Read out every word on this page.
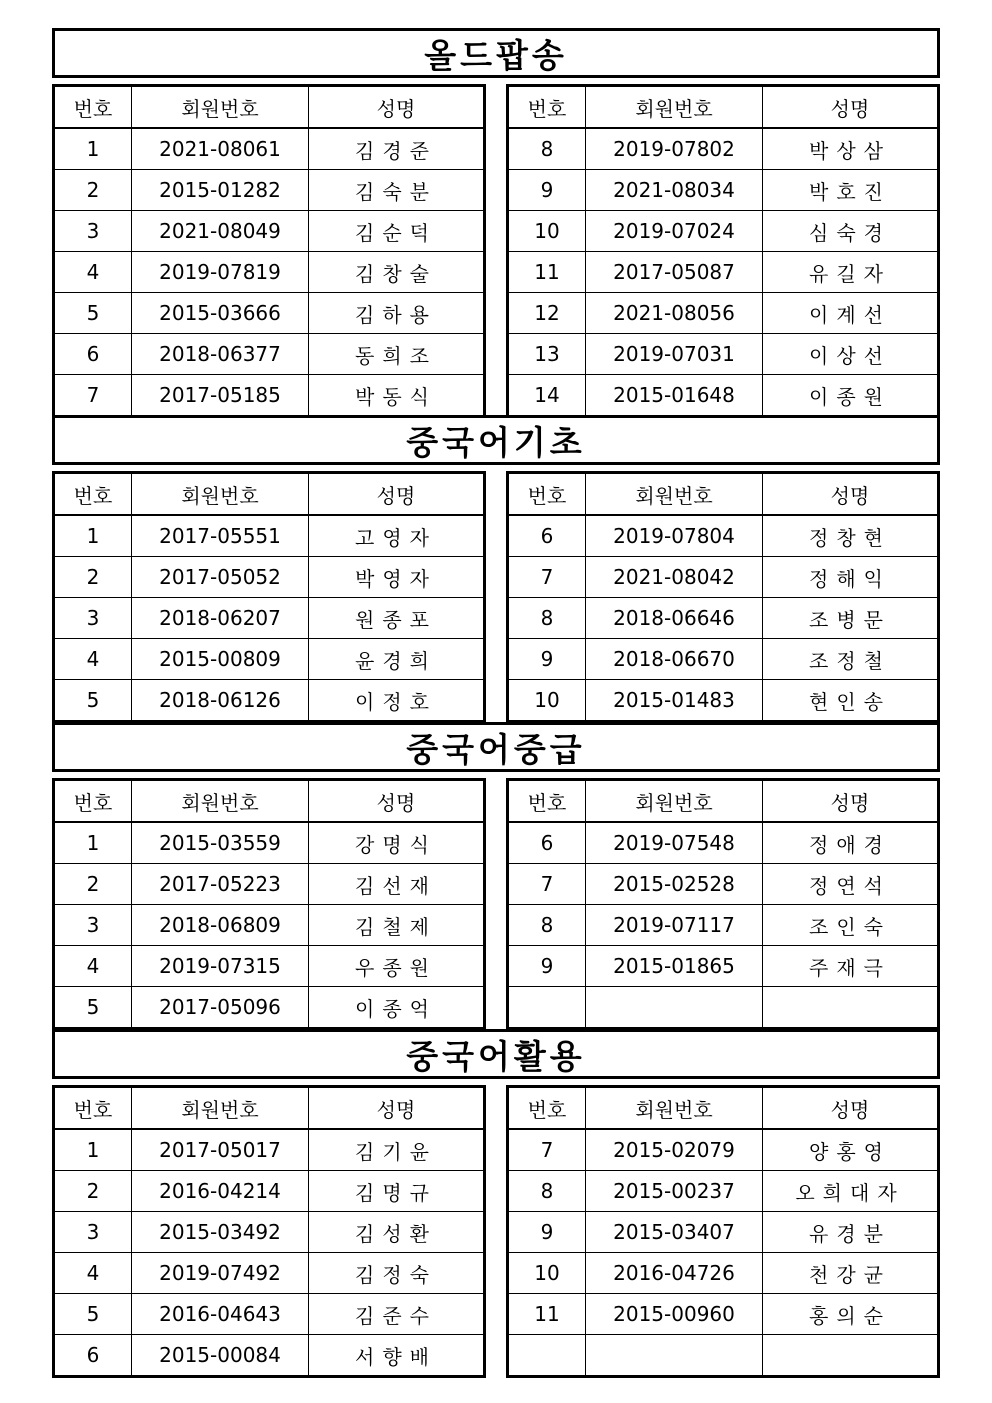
올드팝송
번호	회원번호	성명
1	2021-08061	김경준
2	2015-01282	김숙분
3	2021-08049	김순덕
4	2019-07819	김창술
5	2015-03666	김하용
6	2018-06377	동희조
7	2017-05185	박동식
번호	회원번호	성명
8	2019-07802	박상삼
9	2021-08034	박호진
10	2019-07024	심숙경
11	2017-05087	유길자
12	2021-08056	이계선
13	2019-07031	이상선
14	2015-01648	이종원
중국어기초
번호	회원번호	성명
1	2017-05551	고영자
2	2017-05052	박영자
3	2018-06207	원종포
4	2015-00809	윤경희
5	2018-06126	이정호
번호	회원번호	성명
6	2019-07804	정창현
7	2021-08042	정해익
8	2018-06646	조병문
9	2018-06670	조정철
10	2015-01483	현인송
중국어중급
번호	회원번호	성명
1	2015-03559	강명식
2	2017-05223	김선재
3	2018-06809	김철제
4	2019-07315	우종원
5	2017-05096	이종억
번호	회원번호	성명
6	2019-07548	정애경
7	2015-02528	정연석
8	2019-07117	조인숙
9	2015-01865	주재극

중국어활용
번호	회원번호	성명
1	2017-05017	김기윤
2	2016-04214	김명규
3	2015-03492	김성환
4	2019-07492	김정숙
5	2016-04643	김준수
6	2015-00084	서향배
번호	회원번호	성명
7	2015-02079	양홍영
8	2015-00237	오희대자
9	2015-03407	유경분
10	2016-04726	천강균
11	2015-00960	홍의순
